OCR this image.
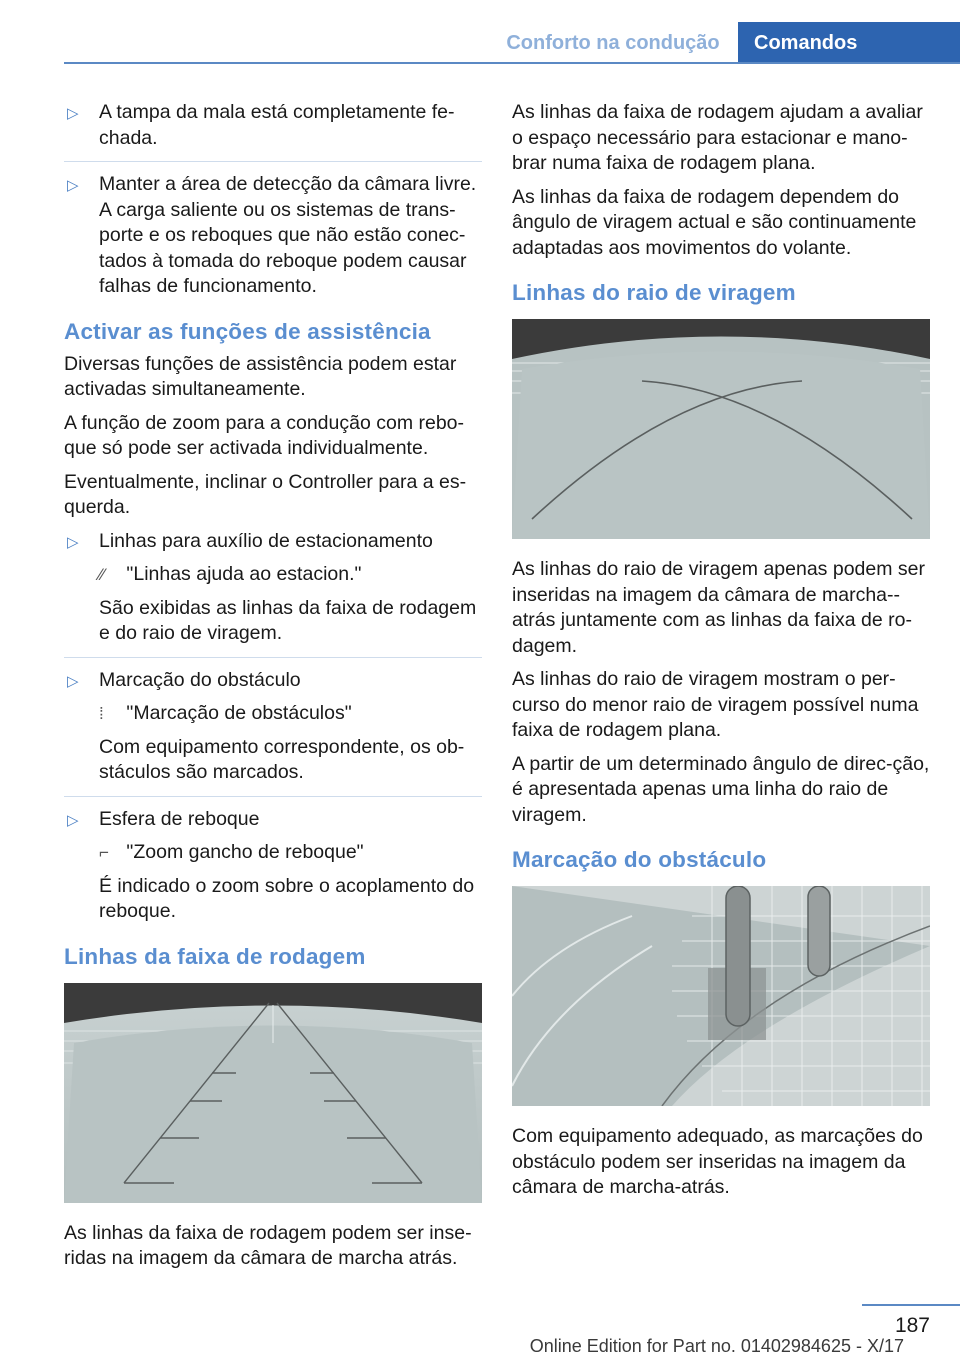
Conforto na condução	Comandos
▷ A tampa da mala está completamente fe-chada.
▷ Manter a área de detecção da câmara livre. A carga saliente ou os sistemas de trans-porte e os reboques que não estão conec-tados à tomada do reboque podem causar falhas de funcionamento.
Activar as funções de assistência

Diversas funções de assistência podem estar activadas simultaneamente.

A função de zoom para a condução com rebo-que só pode ser activada individualmente.

Eventualmente, inclinar o Controller para a es-querda.

▷ Linhas para auxílio de estacionamento
⁄⁄ "Linhas ajuda ao estacion."

São exibidas as linhas da faixa de rodagem e do raio de viragem.

▷ Marcação do obstáculo
⁞ "Marcação de obstáculos"

Com equipamento correspondente, os ob-stáculos são marcados.

▷ Esfera de reboque
⌐ "Zoom gancho de reboque"

É indicado o zoom sobre o acoplamento do reboque.

Linhas da faixa de rodagem

As linhas da faixa de rodagem podem ser inse-ridas na imagem da câmara de marcha atrás.

As linhas da faixa de rodagem ajudam a avaliar o espaço necessário para estacionar e mano-brar numa faixa de rodagem plana.

As linhas da faixa de rodagem dependem do ângulo de viragem actual e são continuamente adaptadas aos movimentos do volante.

Linhas do raio de viragem

As linhas do raio de viragem apenas podem ser inseridas na imagem da câmara de marcha--atrás juntamente com as linhas da faixa de ro-dagem.

As linhas do raio de viragem mostram o per-curso do menor raio de viragem possível numa faixa de rodagem plana.

A partir de um determinado ângulo de direc-ção, é apresentada apenas uma linha do raio de viragem.

Marcação do obstáculo

Com equipamento adequado, as marcações do obstáculo podem ser inseridas na imagem da câmara de marcha-atrás.

187
Online Edition for Part no. 01402984625 - X/17
